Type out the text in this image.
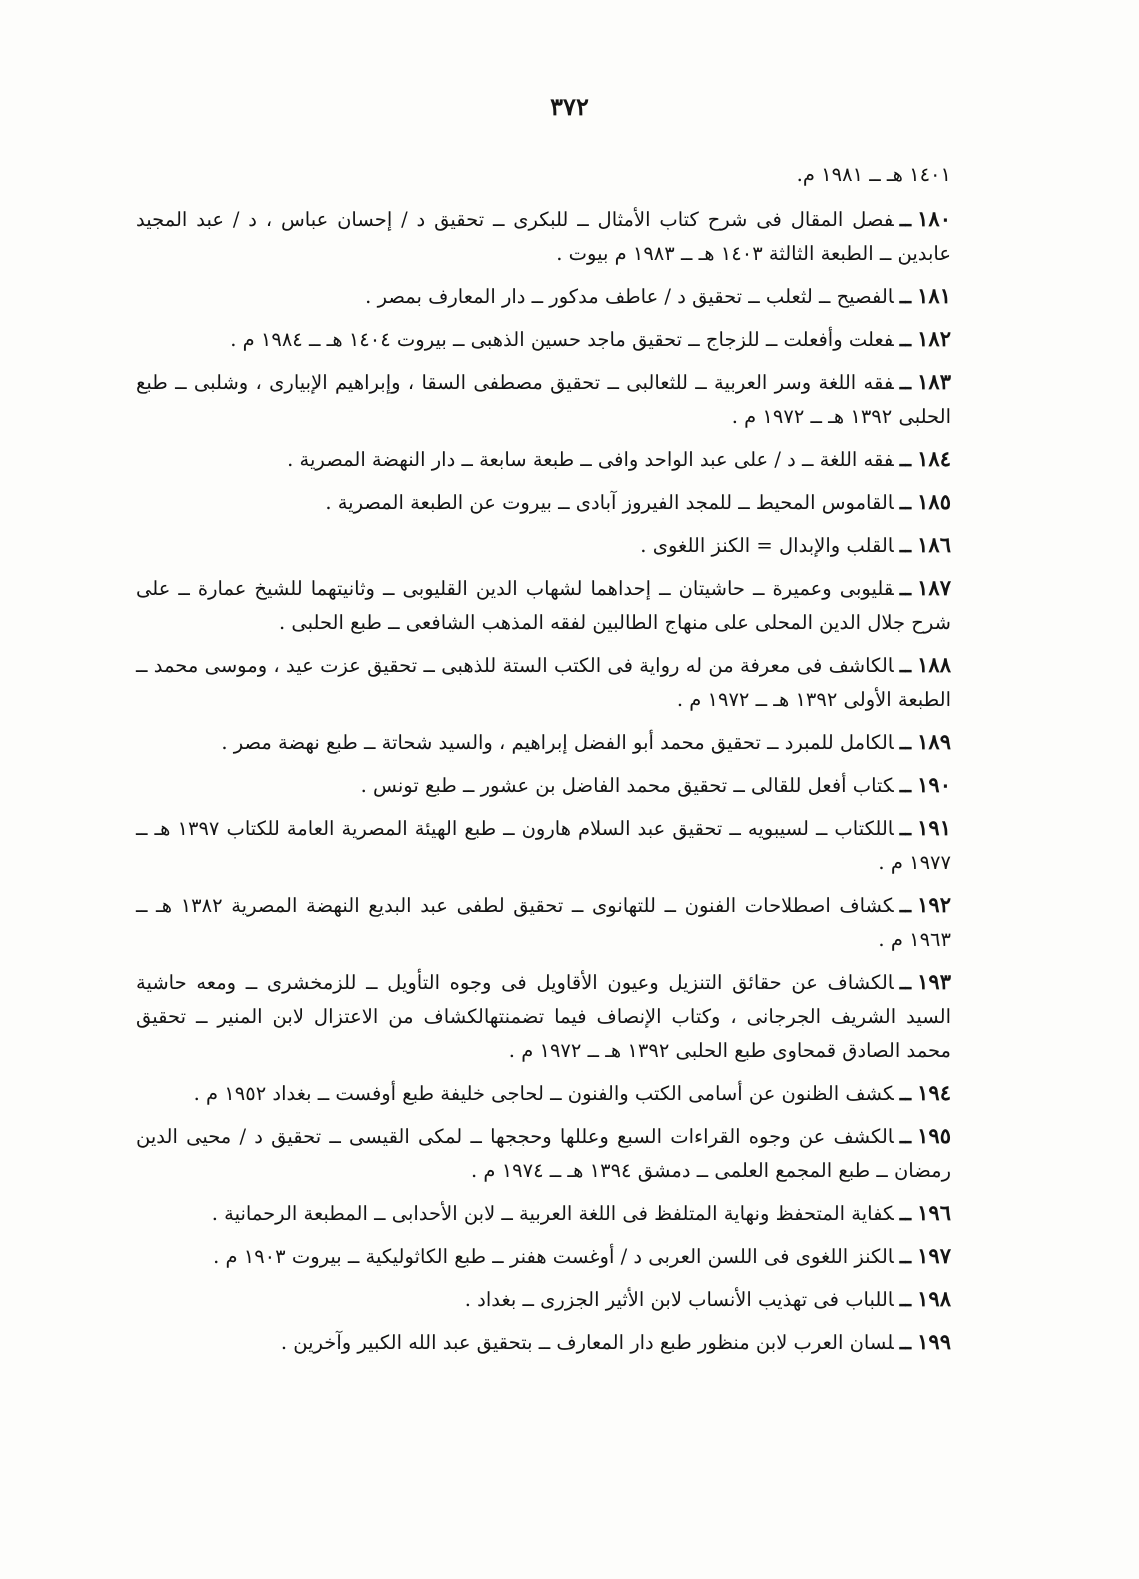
٣٧٢

١٤٠١ هـ ــ ١٩٨١ م.

١٨٠ــفصل المقال فى شرح كتاب الأمثال ــ للبكرى ــ تحقيق د / إحسان عباس ، د / عبد المجيد عابدين ــ الطبعة الثالثة ١٤٠٣ هـ ــ ١٩٨٣ م بيوت .

١٨١ــالفصيح ــ لثعلب ــ تحقيق د / عاطف مدكور ــ دار المعارف بمصر .

١٨٢ــفعلت وأفعلت ــ للزجاج ــ تحقيق ماجد حسين الذهبى ــ بيروت ١٤٠٤ هـ ــ ١٩٨٤ م .

١٨٣ــفقه اللغة وسر العربية ــ للثعالبى ــ تحقيق مصطفى السقا ، وإبراهيم الإبيارى ، وشلبى ــ طبع الحلبى ١٣٩٢ هـ ــ ١٩٧٢ م .

١٨٤ــفقه اللغة ــ د / على عبد الواحد وافى ــ طبعة سابعة ــ دار النهضة المصرية .

١٨٥ــالقاموس المحيط ــ للمجد الفيروز آبادى ــ بيروت عن الطبعة المصرية .

١٨٦ــالقلب والإبدال = الكنز اللغوى .

١٨٧ــقليوبى وعميرة ــ حاشيتان ــ إحداهما لشهاب الدين القليوبى ــ وثانيتهما للشيخ عمارة ــ على شرح جلال الدين المحلى على منهاج الطالبين لفقه المذهب الشافعى ــ طبع الحلبى .

١٨٨ــالكاشف فى معرفة من له رواية فى الكتب الستة للذهبى ــ تحقيق عزت عيد ، وموسى محمد ــ الطبعة الأولى ١٣٩٢ هـ ــ ١٩٧٢ م .

١٨٩ــالكامل للمبرد ــ تحقيق محمد أبو الفضل إبراهيم ، والسيد شحاتة ــ طبع نهضة مصر .

١٩٠ــكتاب أفعل للقالى ــ تحقيق محمد الفاضل بن عشور ــ طبع تونس .

١٩١ــاللكتاب ــ لسيبويه ــ تحقيق عبد السلام هارون ــ طبع الهيئة المصرية العامة للكتاب ١٣٩٧ هـ ــ ١٩٧٧ م .

١٩٢ــكشاف اصطلاحات الفنون ــ للتهانوى ــ تحقيق لطفى عبد البديع النهضة المصرية ١٣٨٢ هـ ــ ١٩٦٣ م .

١٩٣ــالكشاف عن حقائق التنزيل وعيون الأقاويل فى وجوه التأويل ــ للزمخشرى ــ ومعه حاشية السيد الشريف الجرجانى ، وكتاب الإنصاف فيما تضمنتهالكشاف من الاعتزال لابن المنير ــ تحقيق محمد الصادق قمحاوى طبع الحلبى ١٣٩٢ هـ ــ ١٩٧٢ م .

١٩٤ــكشف الظنون عن أسامى الكتب والفنون ــ لحاجى خليفة طبع أوفست ــ بغداد ١٩٥٢ م .

١٩٥ــالكشف عن وجوه القراءات السبع وعللها وحججها ــ لمكى القيسى ــ تحقيق د / محيى الدين رمضان ــ طبع المجمع العلمى ــ دمشق ١٣٩٤ هـ ــ ١٩٧٤ م .

١٩٦ــكفاية المتحفظ ونهاية المتلفظ فى اللغة العربية ــ لابن الأحدابى ــ المطبعة الرحمانية .

١٩٧ــالكنز اللغوى فى اللسن العربى د / أوغست هفنر ــ طبع الكاثوليكية ــ بيروت ١٩٠٣ م .

١٩٨ــاللباب فى تهذيب الأنساب لابن الأثير الجزرى ــ بغداد .

١٩٩ــلسان العرب لابن منظور طبع دار المعارف ــ بتحقيق عبد الله الكبير وآخرين .
